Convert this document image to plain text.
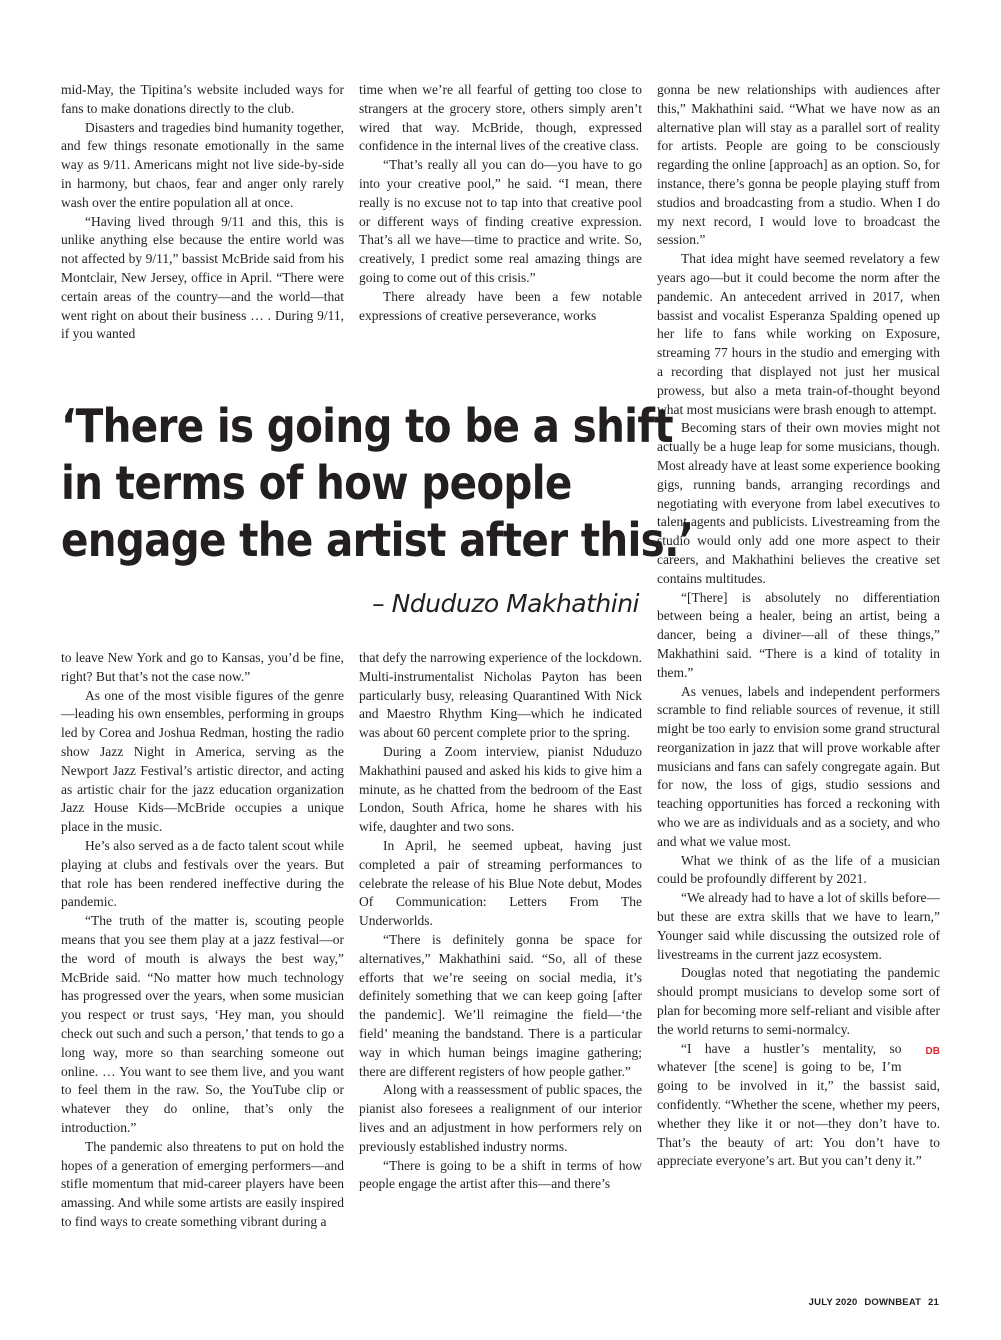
mid-May, the Tipitina’s website included ways for fans to make donations directly to the club.

Disasters and tragedies bind humanity together, and few things resonate emotionally in the same way as 9/11. Americans might not live side-by-side in harmony, but chaos, fear and anger only rarely wash over the entire population all at once.

“Having lived through 9/11 and this, this is unlike anything else because the entire world was not affected by 9/11,” bassist McBride said from his Montclair, New Jersey, office in April. “There were certain areas of the country—and the world—that went right on about their business … . During 9/11, if you wanted

time when we’re all fearful of getting too close to strangers at the grocery store, others simply aren’t wired that way. McBride, though, expressed confidence in the internal lives of the creative class.

“That’s really all you can do—you have to go into your creative pool,” he said. “I mean, there really is no excuse not to tap into that creative pool or different ways of finding creative expression. That’s all we have—time to practice and write. So, creatively, I predict some real amazing things are going to come out of this crisis.”

There already have been a few notable expressions of creative perseverance, works

‘There is going to be a shift
in terms of how people
engage the artist after this.’
– Nduduzo Makhathini

to leave New York and go to Kansas, you’d be fine, right? But that’s not the case now.”

As one of the most visible figures of the genre—leading his own ensembles, performing in groups led by Corea and Joshua Redman, hosting the radio show Jazz Night in America, serving as the Newport Jazz Festival’s artistic director, and acting as artistic chair for the jazz education organization Jazz House Kids—McBride occupies a unique place in the music.

He’s also served as a de facto talent scout while playing at clubs and festivals over the years. But that role has been rendered ineffective during the pandemic.

“The truth of the matter is, scouting people means that you see them play at a jazz festival—or the word of mouth is always the best way,” McBride said. “No matter how much technology has progressed over the years, when some musician you respect or trust says, ‘Hey man, you should check out such and such a person,’ that tends to go a long way, more so than searching someone out online. … You want to see them live, and you want to feel them in the raw. So, the YouTube clip or whatever they do online, that’s only the introduction.”

The pandemic also threatens to put on hold the hopes of a generation of emerging performers—and stifle momentum that mid-career players have been amassing. And while some artists are easily inspired to find ways to create something vibrant during a

that defy the narrowing experience of the lockdown. Multi-instrumentalist Nicholas Payton has been particularly busy, releasing Quarantined With Nick and Maestro Rhythm King—which he indicated was about 60 percent complete prior to the spring.

During a Zoom interview, pianist Nduduzo Makhathini paused and asked his kids to give him a minute, as he chatted from the bedroom of the East London, South Africa, home he shares with his wife, daughter and two sons.

In April, he seemed upbeat, having just completed a pair of streaming performances to celebrate the release of his Blue Note debut, Modes Of Communication: Letters From The Underworlds.

“There is definitely gonna be space for alternatives,” Makhathini said. “So, all of these efforts that we’re seeing on social media, it’s definitely something that we can keep going [after the pandemic]. We’ll reimagine the field—‘the field’ meaning the bandstand. There is a particular way in which human beings imagine gathering; there are different registers of how people gather.”

Along with a reassessment of public spaces, the pianist also foresees a realignment of our interior lives and an adjustment in how performers rely on previously established industry norms.

“There is going to be a shift in terms of how people engage the artist after this—and there’s

gonna be new relationships with audiences after this,” Makhathini said. “What we have now as an alternative plan will stay as a parallel sort of reality for artists. People are going to be consciously regarding the online [approach] as an option. So, for instance, there’s gonna be people playing stuff from studios and broadcasting from a studio. When I do my next record, I would love to broadcast the session.”

That idea might have seemed revelatory a few years ago—but it could become the norm after the pandemic. An antecedent arrived in 2017, when bassist and vocalist Esperanza Spalding opened up her life to fans while working on Exposure, streaming 77 hours in the studio and emerging with a recording that displayed not just her musical prowess, but also a meta train-of-thought beyond what most musicians were brash enough to attempt.

Becoming stars of their own movies might not actually be a huge leap for some musicians, though. Most already have at least some experience booking gigs, running bands, arranging recordings and negotiating with everyone from label executives to talent agents and publicists. Livestreaming from the studio would only add one more aspect to their careers, and Makhathini believes the creative set contains multitudes.

“[There] is absolutely no differentiation between being a healer, being an artist, being a dancer, being a diviner—all of these things,” Makhathini said. “There is a kind of totality in them.”

As venues, labels and independent performers scramble to find reliable sources of revenue, it still might be too early to envision some grand structural reorganization in jazz that will prove workable after musicians and fans can safely congregate again. But for now, the loss of gigs, studio sessions and teaching opportunities has forced a reckoning with who we are as individuals and as a society, and who and what we value most.

What we think of as the life of a musician could be profoundly different by 2021.

“We already had to have a lot of skills before—but these are extra skills that we have to learn,” Younger said while discussing the outsized role of livestreams in the current jazz ecosystem.

Douglas noted that negotiating the pandemic should prompt musicians to develop some sort of plan for becoming more self-reliant and visible after the world returns to semi-normalcy.

DB
“I have a hustler’s mentality, so whatever [the scene] is going to be, I’m going to be involved in it,” the bassist said, confidently. “Whether the scene, whether my peers, whether they like it or not—they don’t have to. That’s the beauty of art: You don’t have to appreciate everyone’s art. But you can’t deny it.”

JULY 2020 DOWNBEAT 21
